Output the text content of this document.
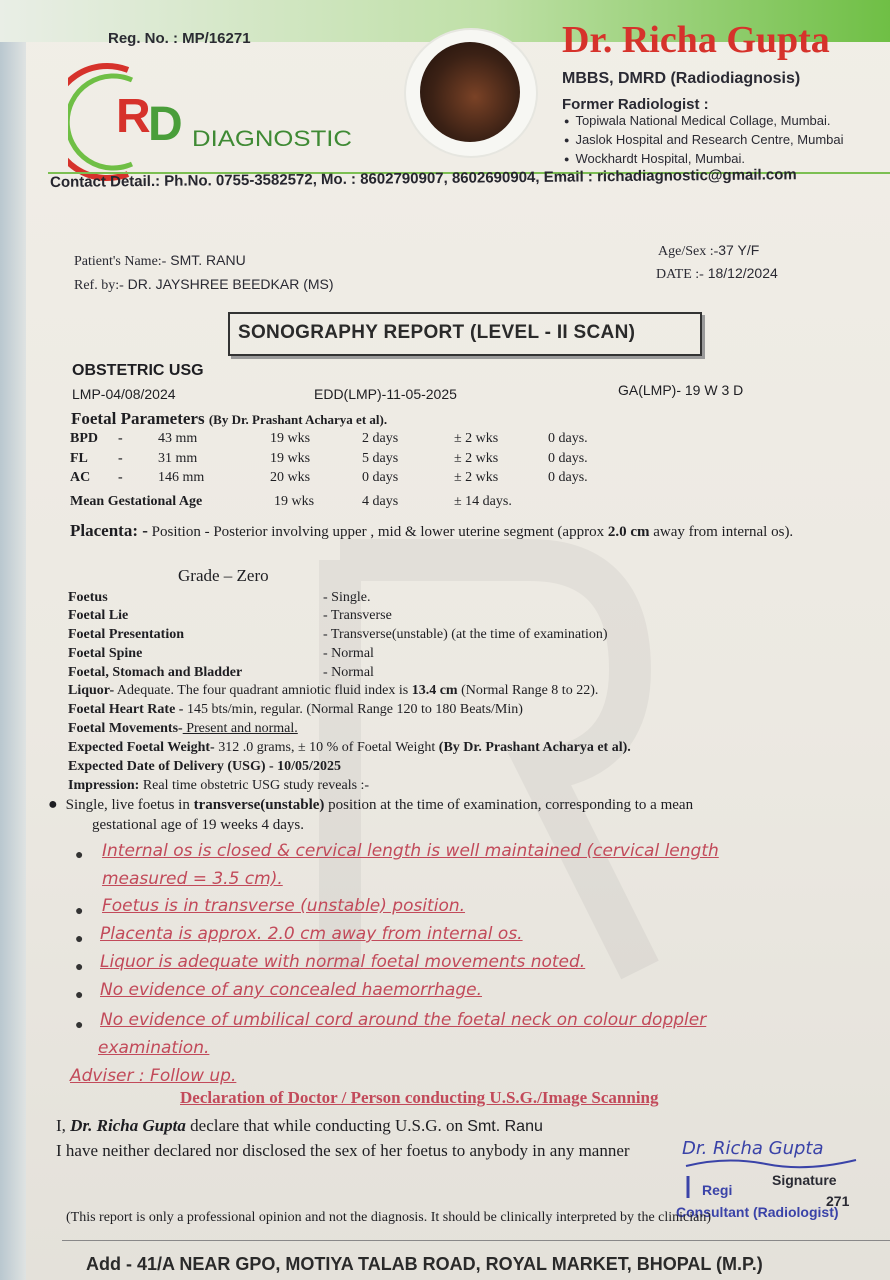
Reg. No. : MP/16271
R
D DIAGNOSTIC
Dr. Richa Gupta
MBBS, DMRD (Radiodiagnosis)
Former Radiologist :
● Topiwala National Medical Collage, Mumbai.
● Jaslok Hospital and Research Centre, Mumbai
● Wockhardt Hospital, Mumbai.
Contact Detail.: Ph.No. 0755-3582572, Mo. : 8602790907, 8602690904, Email : richadiagnostic@gmail.com
Patient's Name:- SMT. RANU
Ref. by:- DR. JAYSHREE BEEDKAR (MS)
Age/Sex :-37 Y/F
DATE :- 18/12/2024
SONOGRAPHY REPORT (LEVEL - II SCAN)
OBSTETRIC USG
LMP-04/08/2024	EDD(LMP)-11-05-2025	GA(LMP)- 19 W 3 D
Foetal Parameters (By Dr. Prashant Acharya et al).
BPD -	43 mm	19 wks	2 days	± 2 wks	0 days.
FL -	31 mm	19 wks	5 days	± 2 wks	0 days.
AC -	146 mm	20 wks	0 days	± 2 wks	0 days.
Mean Gestational Age	19 wks	4 days	± 14 days.
Placenta: - Position - Posterior involving upper , mid & lower uterine segment (approx 2.0 cm away from internal os).
Grade – Zero
Foetus	- Single.
Foetal Lie	- Transverse
Foetal Presentation	- Transverse(unstable) (at the time of examination)
Foetal Spine	- Normal
Foetal, Stomach and Bladder	- Normal
Liquor- Adequate. The four quadrant amniotic fluid index is 13.4 cm (Normal Range 8 to 22).
Foetal Heart Rate - 145 bts/min, regular. (Normal Range 120 to 180 Beats/Min)
Foetal Movements- Present and normal.
Expected Foetal Weight- 312 .0 grams, ± 10 % of Foetal Weight (By Dr. Prashant Acharya et al).
Expected Date of Delivery (USG) - 10/05/2025
Impression: Real time obstetric USG study reveals :-
● Single, live foetus in transverse(unstable) position at the time of examination, corresponding to a mean
gestational age of 19 weeks 4 days.
● Internal os is closed & cervical length is well maintained (cervical length
measured = 3.5 cm).
● Foetus is in transverse (unstable) position.
● Placenta is approx. 2.0 cm away from internal os.
● Liquor is adequate with normal foetal movements noted.
● No evidence of any concealed haemorrhage.
● No evidence of umbilical cord around the foetal neck on colour doppler
examination.
Adviser : Follow up.
Declaration of Doctor / Person conducting U.S.G./Image Scanning
I, Dr. Richa Gupta declare that while conducting U.S.G. on Smt. Ranu
I have neither declared nor disclosed the sex of her foetus to anybody in any manner	Dr. Richa Gupta
271
Signature
Regi
Consultant (Radiologist)
(This report is only a professional opinion and not the diagnosis. It should be clinically interpreted by the clinician)
Add - 41/A NEAR GPO, MOTIYA TALAB ROAD, ROYAL MARKET, BHOPAL (M.P.)
